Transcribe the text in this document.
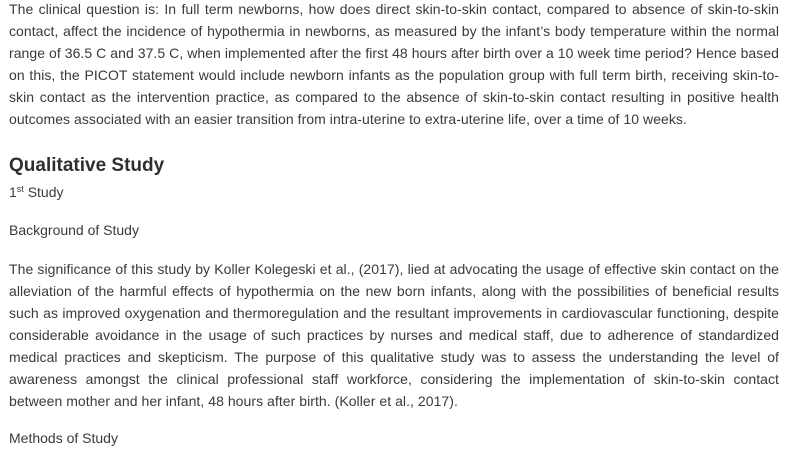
The clinical question is: In full term newborns, how does direct skin-to-skin contact, compared to absence of skin-to-skin contact, affect the incidence of hypothermia in newborns, as measured by the infant’s body temperature within the normal range of 36.5 C and 37.5 C, when implemented after the first 48 hours after birth over a 10 week time period? Hence based on this, the PICOT statement would include newborn infants as the population group with full term birth, receiving skin-to-skin contact as the intervention practice, as compared to the absence of skin-to-skin contact resulting in positive health outcomes associated with an easier transition from intra-uterine to extra-uterine life, over a time of 10 weeks.

Qualitative Study
1st Study
Background of Study

The significance of this study by Koller Kolegeski et al., (2017), lied at advocating the usage of effective skin contact on the alleviation of the harmful effects of hypothermia on the new born infants, along with the possibilities of beneficial results such as improved oxygenation and thermoregulation and the resultant improvements in cardiovascular functioning, despite considerable avoidance in the usage of such practices by nurses and medical staff, due to adherence of standardized medical practices and skepticism. The purpose of this qualitative study was to assess the understanding the level of awareness amongst the clinical professional staff workforce, considering the implementation of skin-to-skin contact between mother and her infant, 48 hours after birth. (Koller et al., 2017).

Methods of Study
